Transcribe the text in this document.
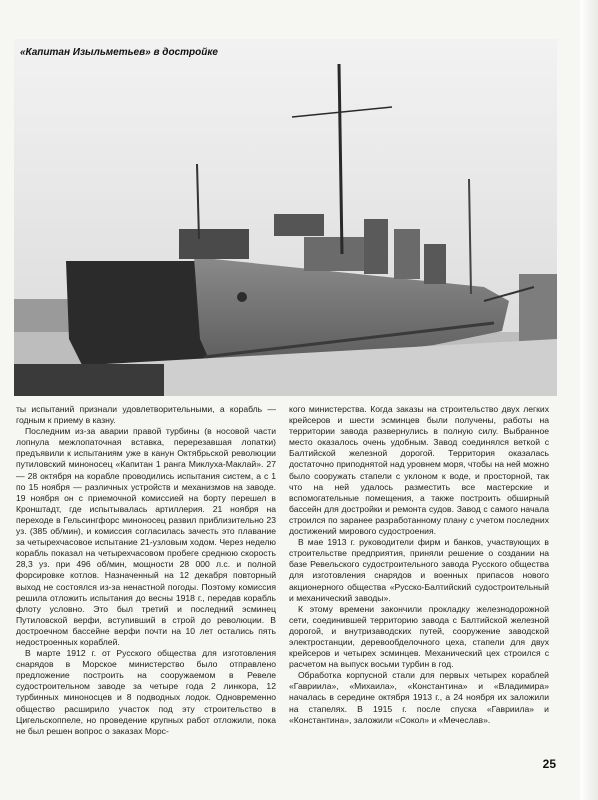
«Капитан Изыльметьев» в достройке

ты испытаний признали удовлетворительными, а корабль — годным к приему в казну.

Последним из-за аварии правой турбины (в носовой части лопнула межлопаточная вставка, перерезавшая лопатки) предъявили к испытаниям уже в канун Октябрьской революции путиловский миноносец «Капитан 1 ранга Миклуха-Маклай». 27 — 28 октября на корабле проводились испытания систем, а с 1 по 15 ноября — различных устройств и механизмов на заводе. 19 ноября он с приемочной комиссией на борту перешел в Кронштадт, где испытывалась артиллерия. 21 ноября на переходе в Гельсингфорс миноносец развил приблизительно 23 уз. (385 об/мин), и комиссия согласилась зачесть это плавание за четырехчасовое испытание 21-узловым ходом. Через неделю корабль показал на четырехчасовом пробеге среднюю скорость 28,3 уз. при 496 об/мин, мощности 28 000 л.с. и полной форсировке котлов. Назначенный на 12 декабря повторный выход не состоялся из-за ненастной погоды. Поэтому комиссия решила отложить испытания до весны 1918 г., передав корабль флоту условно. Это был третий и последний эсминец Путиловской верфи, вступивший в строй до революции. В достроечном бассейне верфи почти на 10 лет остались пять недостроенных кораблей.

В марте 1912 г. от Русского общества для изготовления снарядов в Морское министерство было отправлено предложение построить на сооружаемом в Ревеле судостроительном заводе за четыре года 2 линкора, 12 турбинных миноносцев и 8 подводных лодок. Одновременно общество расширило участок под эту строительство в Цигельскоппеле, но проведение крупных работ отложили, пока не был решен вопрос о заказах Морс-

кого министерства. Когда заказы на строительство двух легких крейсеров и шести эсминцев были получены, работы на территории завода развернулись в полную силу. Выбранное место оказалось очень удобным. Завод соединялся веткой с Балтийской железной дорогой. Территория оказалась достаточно приподнятой над уровнем моря, чтобы на ней можно было сооружать стапели с уклоном к воде, и просторной, так что на ней удалось разместить все мастерские и вспомогательные помещения, а также построить обширный бассейн для достройки и ремонта судов. Завод с самого начала строился по заранее разработанному плану с учетом последних достижений мирового судостроения.

В мае 1913 г. руководители фирм и банков, участвующих в строительстве предприятия, приняли решение о создании на базе Ревельского судостроительного завода Русского общества для изготовления снарядов и военных припасов нового акционерного общества «Русско-Балтийский судостроительный и механический заводы».

К этому времени закончили прокладку железнодорожной сети, соединившей территорию завода с Балтийской железной дорогой, и внутризаводских путей, сооружение заводской электростанции, деревообделочного цеха, стапели для двух крейсеров и четырех эсминцев. Механический цех строился с расчетом на выпуск восьми турбин в год.

Обработка корпусной стали для первых четырех кораблей «Гавриила», «Михаила», «Константина» и «Владимира» началась в середине октября 1913 г., а 24 ноября их заложили на стапелях. В 1915 г. после спуска «Гавриила» и «Константина», заложили «Сокол» и «Мечеслав».

25
